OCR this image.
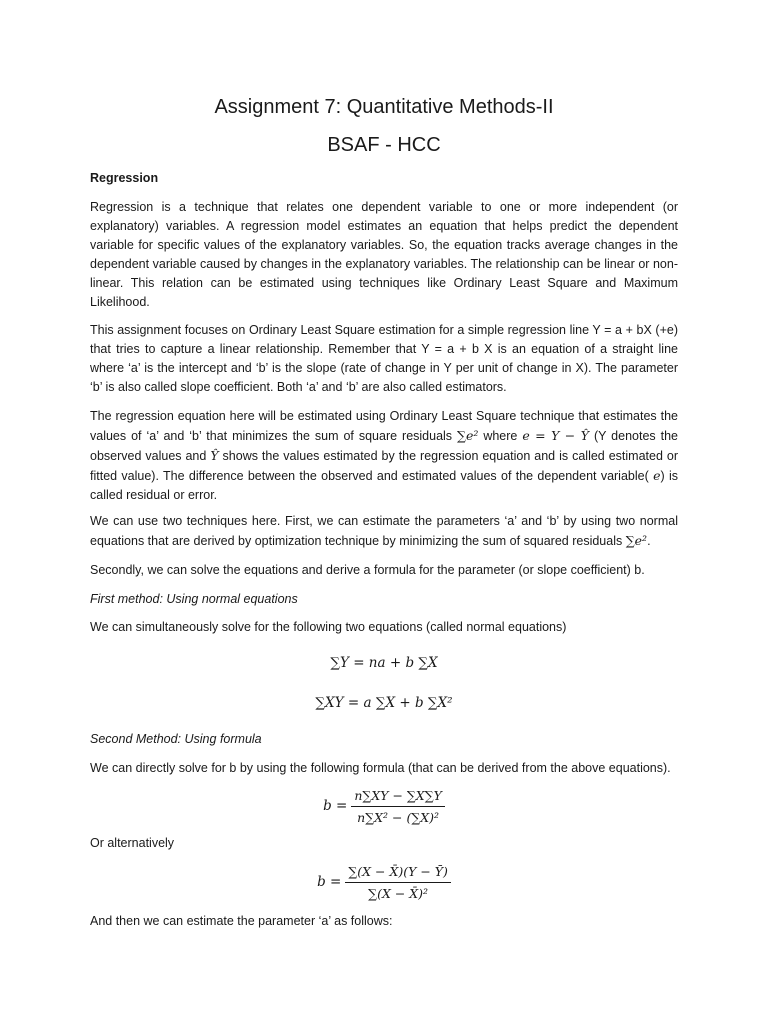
Assignment 7: Quantitative Methods-II
BSAF - HCC
Regression
Regression is a technique that relates one dependent variable to one or more independent (or explanatory) variables. A regression model estimates an equation that helps predict the dependent variable for specific values of the explanatory variables. So, the equation tracks average changes in the dependent variable caused by changes in the explanatory variables. The relationship can be linear or non-linear. This relation can be estimated using techniques like Ordinary Least Square and Maximum Likelihood.
This assignment focuses on Ordinary Least Square estimation for a simple regression line Y = a + bX (+e) that tries to capture a linear relationship. Remember that Y = a + b X is an equation of a straight line where ‘a’ is the intercept and ‘b’ is the slope (rate of change in Y per unit of change in X). The parameter ‘b’ is also called slope coefficient. Both ‘a’ and ‘b’ are also called estimators.
The regression equation here will be estimated using Ordinary Least Square technique that estimates the values of ‘a’ and ‘b’ that minimizes the sum of square residuals ∑e² where e = Y − Ŷ (Y denotes the observed values and Ŷ shows the values estimated by the regression equation and is called estimated or fitted value). The difference between the observed and estimated values of the dependent variable( e) is called residual or error.
We can use two techniques here. First, we can estimate the parameters ‘a’ and ‘b’ by using two normal equations that are derived by optimization technique by minimizing the sum of squared residuals ∑e².
Secondly, we can solve the equations and derive a formula for the parameter (or slope coefficient) b.
First method: Using normal equations
We can simultaneously solve for the following two equations (called normal equations)
∑Y = na + b ∑X
∑XY = a ∑X + b ∑X²
Second Method: Using formula
We can directly solve for b by using the following formula (that can be derived from the above equations).
$b = \frac{n\sum XY - \sum X\sum Y}{\text{n∑X² − (∑X)²}}$
Or alternatively
$b = \frac{\sum(X - X̄)(Y - Ȳ)}{\text{∑(X − X̄)²}}$
And then we can estimate the parameter ‘a’ as follows:
